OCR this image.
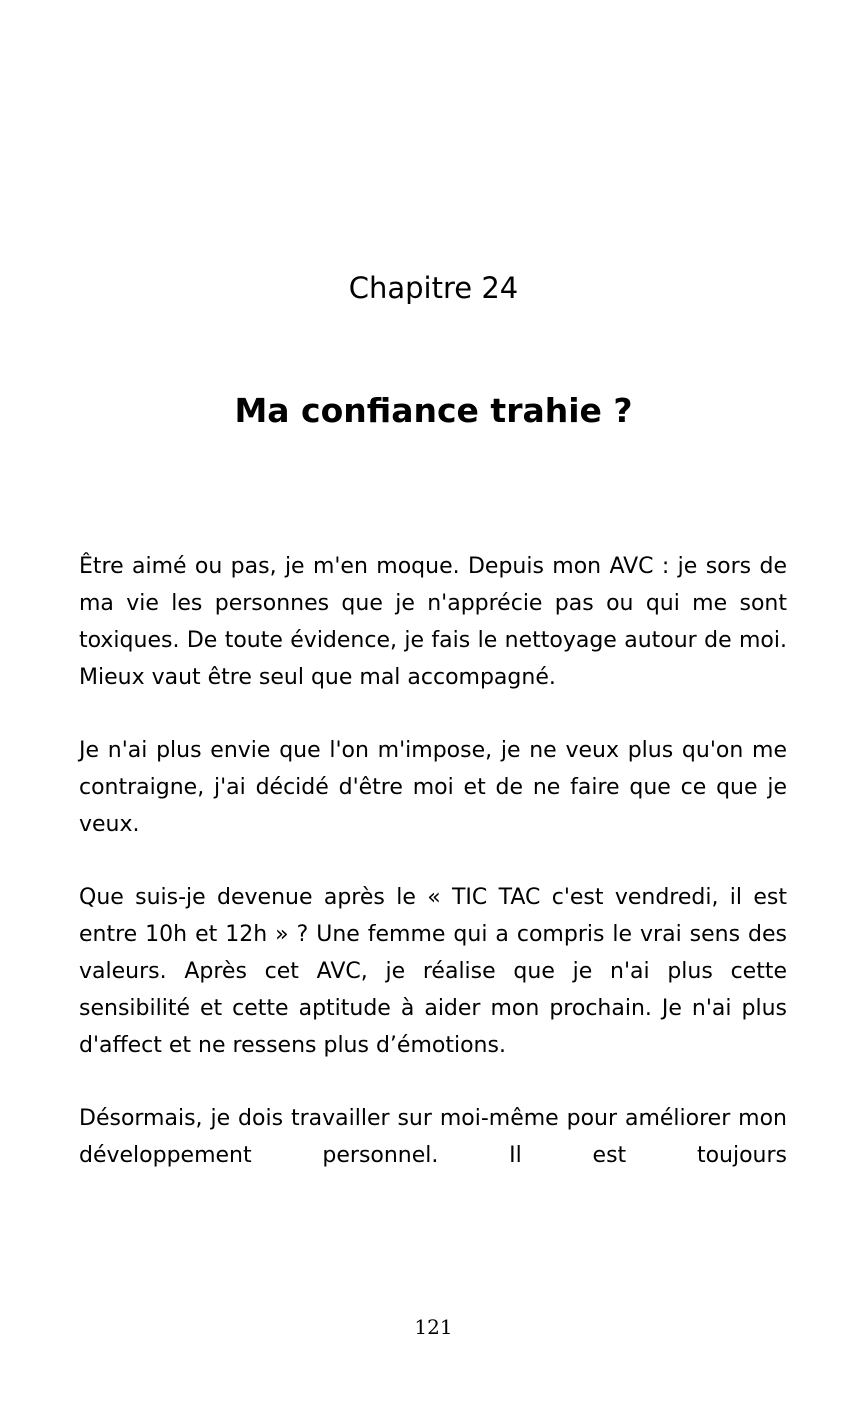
Chapitre 24
Ma confiance trahie ?

Être aimé ou pas, je m'en moque. Depuis mon AVC : je sors de ma vie les personnes que je n'apprécie pas ou qui me sont toxiques. De toute évidence, je fais le nettoyage autour de moi. Mieux vaut être seul que mal accompagné.

Je n'ai plus envie que l'on m'impose, je ne veux plus qu'on me contraigne, j'ai décidé d'être moi et de ne faire que ce que je veux.

Que suis-je devenue après le « TIC TAC c'est vendredi, il est entre 10h et 12h » ? Une femme qui a compris le vrai sens des valeurs. Après cet AVC, je réalise que je n'ai plus cette sensibilité et cette aptitude à aider mon prochain. Je n'ai plus d'affect et ne ressens plus d’émotions.

Désormais, je dois travailler sur moi-même pour améliorer mon développement personnel. Il est toujours

121
